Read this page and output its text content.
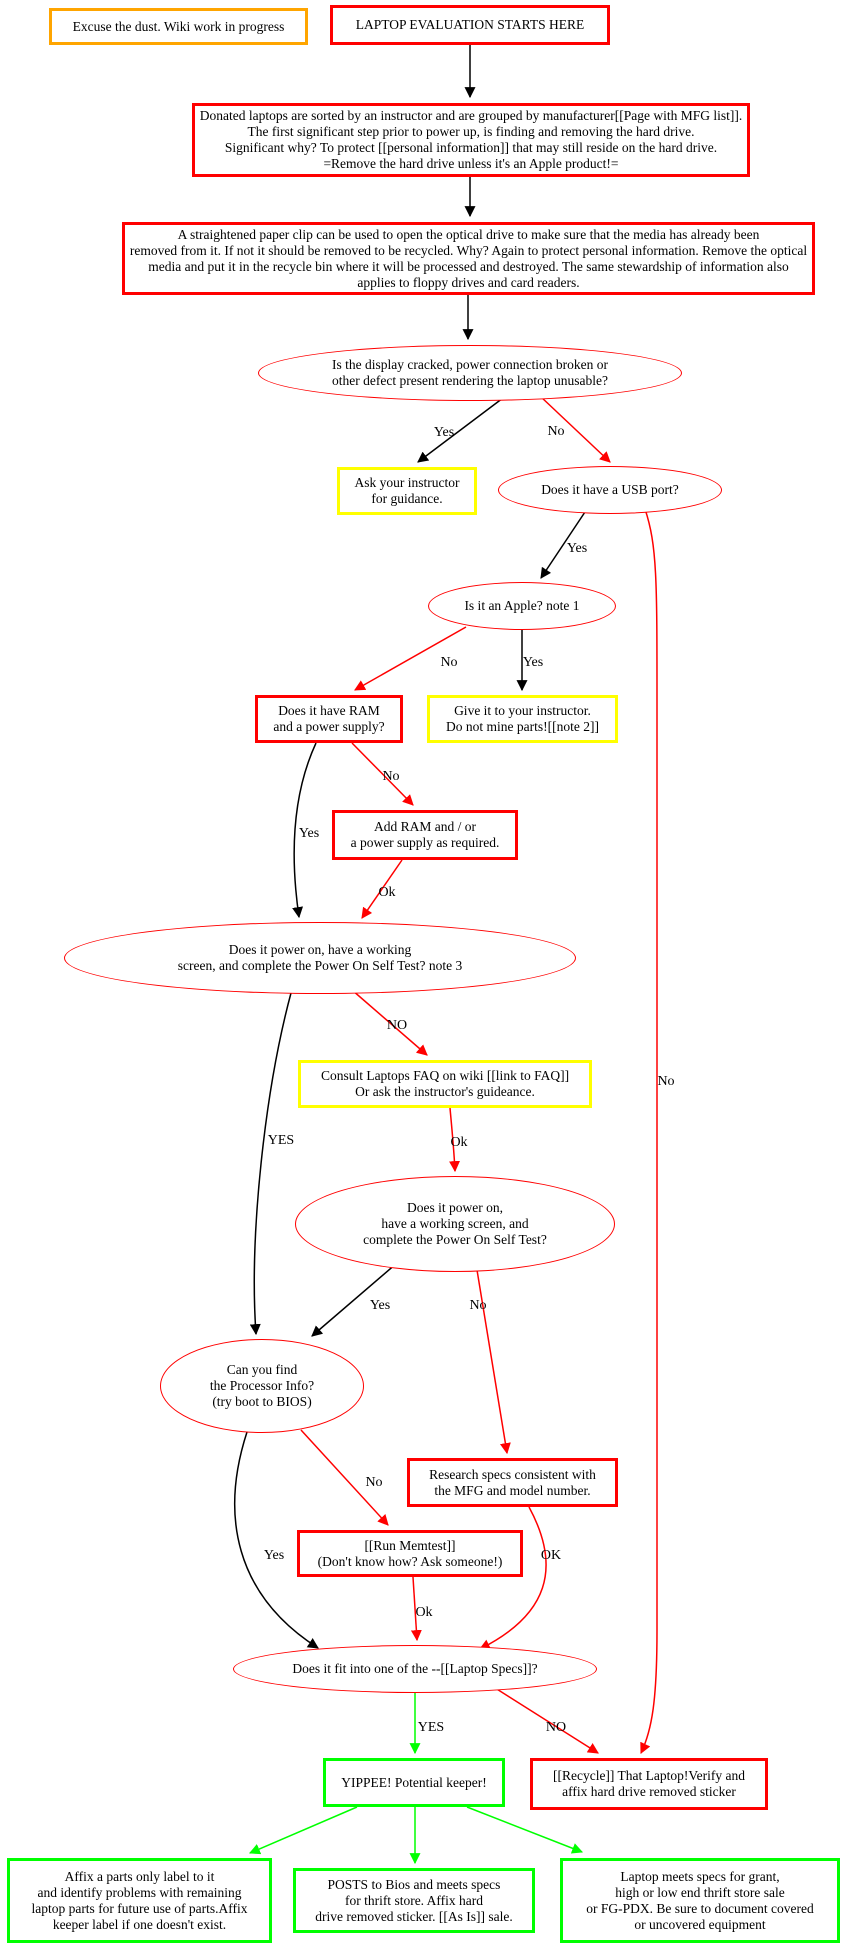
Excuse the dust. Wiki work in progress	LAPTOP EVALUATION STARTS HERE
Donated laptops are sorted by an instructor and are grouped by manufacturer[[Page with MFG list]].
The first significant step prior to power up, is finding and removing the hard drive.
Significant why? To protect [[personal information]] that may still reside on the hard drive.
=Remove the hard drive unless it's an Apple product!=
A straightened paper clip can be used to open the optical drive to make sure that the media has already been
removed from it. If not it should be removed to be recycled. Why? Again to protect personal information. Remove the optical
media and put it in the recycle bin where it will be processed and destroyed. The same stewardship of information also
applies to floppy drives and card readers.
Is the display cracked, power connection broken or
other defect present rendering the laptop unusable?
Ask your instructor
for guidance.
Does it have a USB port?
Is it an Apple? note 1
Does it have RAM
and a power supply?
Give it to your instructor.
Do not mine parts![[note 2]]
Add RAM and / or
a power supply as required.
Does it power on, have a working
screen, and complete the Power On Self Test? note 3
Consult Laptops FAQ on wiki [[link to FAQ]]
Or ask the instructor's guideance.
Does it power on,
have a working screen, and
complete the Power On Self Test?
Can you find
the Processor Info?
(try boot to BIOS)
Research specs consistent with
the MFG and model number.
[[Run Memtest]]
(Don't know how? Ask someone!)
Does it fit into one of the --[[Laptop Specs]]?
YIPPEE! Potential keeper!	[[Recycle]] That Laptop!Verify and
affix hard drive removed sticker
Affix a parts only label to it
and identify problems with remaining
laptop parts for future use of parts.Affix
keeper label if one doesn't exist.
POSTS to Bios and meets specs
for thrift store. Affix hard
drive removed sticker. [[As Is]] sale.
Laptop meets specs for grant,
high or low end thrift store sale
or FG-PDX. Be sure to document covered
or uncovered equipment
Yes	No
Yes
No
No	Yes
No
Yes
Ok
NO
YES	Ok
Yes	No
No
Yes	OK
Ok
YES	NO
